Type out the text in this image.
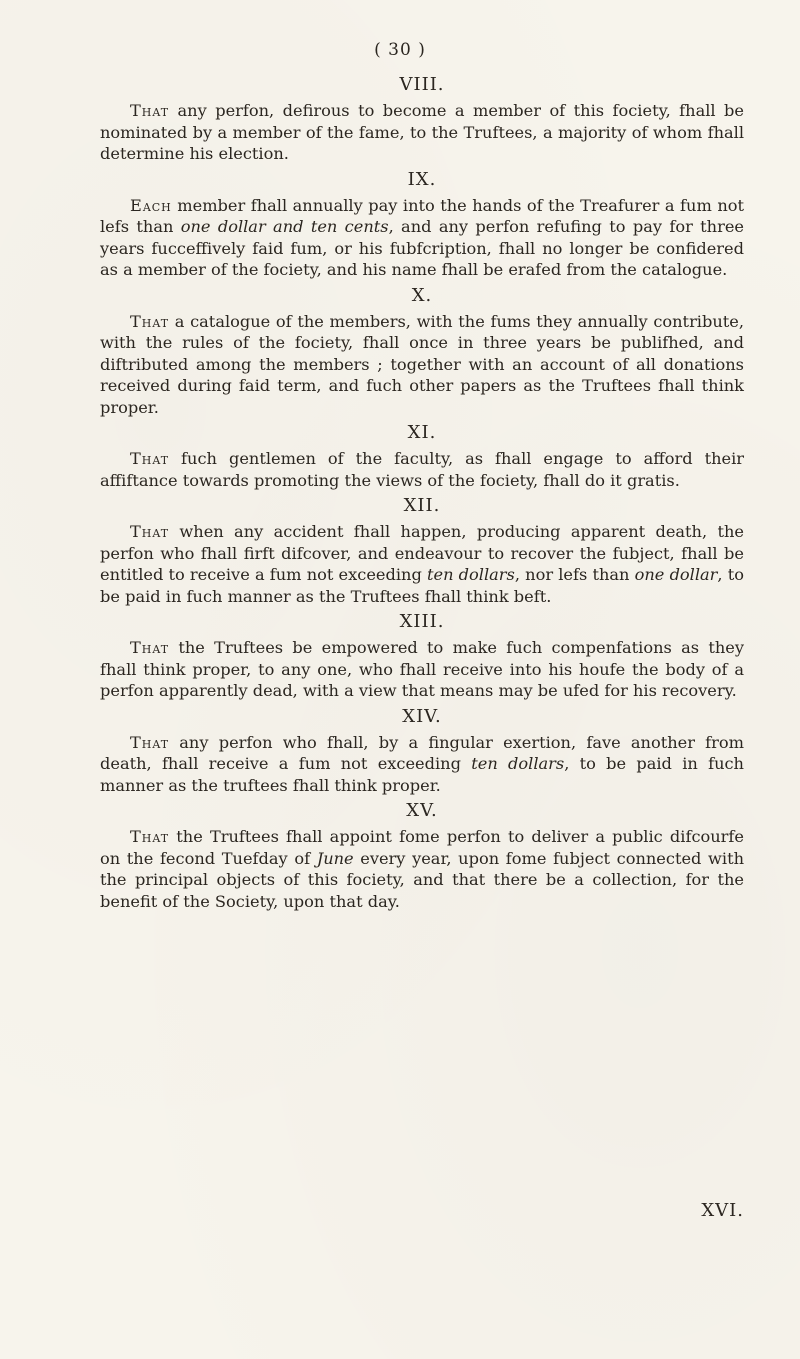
( 30 )
VIII.

That any perfon, defirous to become a member of this fociety, fhall be nominated by a member of the fame, to the Truftees, a majority of whom fhall determine his election.

IX.

Each member fhall annually pay into the hands of the Treafurer a fum not lefs than one dollar and ten cents, and any perfon refufing to pay for three years fucceffively faid fum, or his fubfcription, fhall no longer be confidered as a member of the fociety, and his name fhall be erafed from the catalogue.

X.

That a catalogue of the members, with the fums they annually contribute, with the rules of the fociety, fhall once in three years be publifhed, and diftributed among the members ; together with an account of all donations received during faid term, and fuch other papers as the Truftees fhall think proper.

XI.

That fuch gentlemen of the faculty, as fhall engage to afford their affiftance towards promoting the views of the fociety, fhall do it gratis.

XII.

That when any accident fhall happen, producing apparent death, the perfon who fhall firft difcover, and endeavour to recover the fubject, fhall be entitled to receive a fum not exceeding ten dollars, nor lefs than one dollar, to be paid in fuch manner as the Truftees fhall think beft.

XIII.

That the Truftees be empowered to make fuch compenfations as they fhall think proper, to any one, who fhall receive into his houfe the body of a perfon apparently dead, with a view that means may be ufed for his recovery.

XIV.

That any perfon who fhall, by a fingular exertion, fave another from death, fhall receive a fum not exceeding ten dollars, to be paid in fuch manner as the truftees fhall think proper.

XV.

That the Truftees fhall appoint fome perfon to deliver a public difcourfe on the fecond Tuefday of June every year, upon fome fubject connected with the principal objects of this fociety, and that there be a collection, for the benefit of the Society, upon that day.

XVI.
